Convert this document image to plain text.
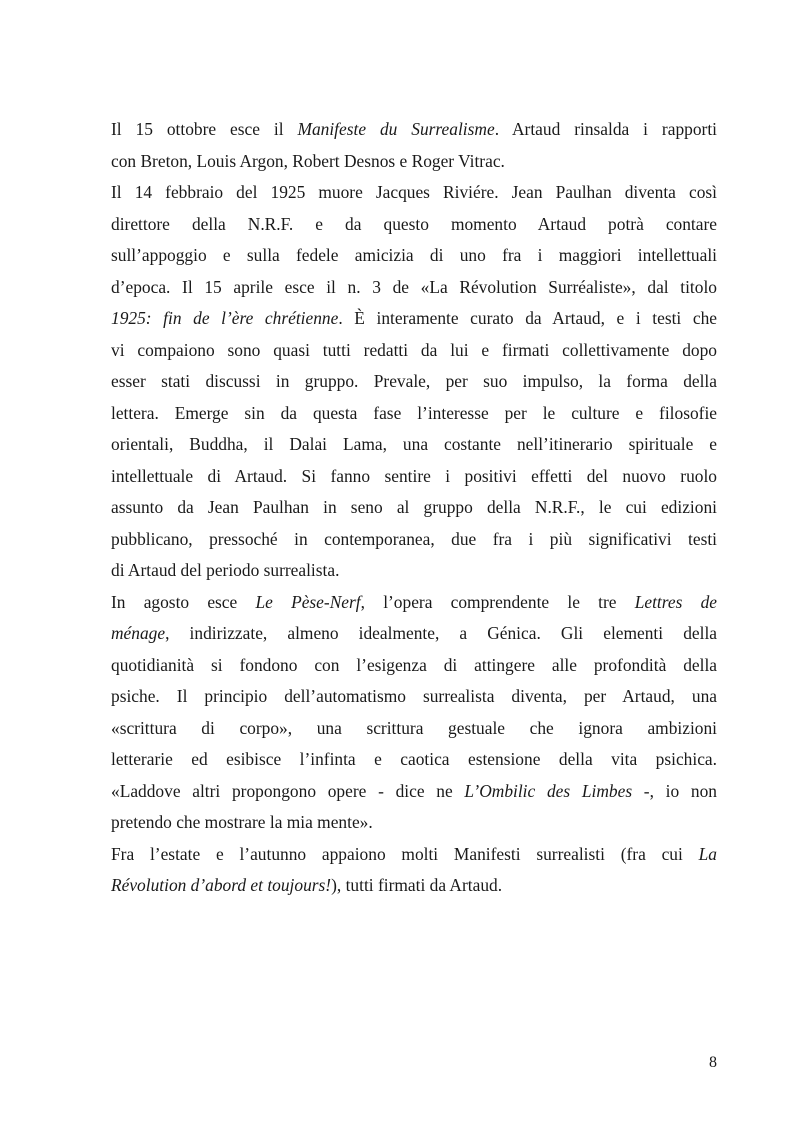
Il 15 ottobre esce il Manifeste du Surrealisme. Artaud rinsalda i rapporti
con Breton, Louis Argon, Robert Desnos e Roger Vitrac.
Il 14 febbraio del 1925 muore Jacques Riviére. Jean Paulhan diventa così
direttore della N.R.F. e da questo momento Artaud potrà contare
sull’appoggio e sulla fedele amicizia di uno fra i maggiori intellettuali
d’epoca. Il 15 aprile esce il n. 3 de «La Révolution Surréaliste», dal titolo
1925: fin de l’ère chrétienne. È interamente curato da Artaud, e i testi che
vi compaiono sono quasi tutti redatti da lui e firmati collettivamente dopo
esser stati discussi in gruppo. Prevale, per suo impulso, la forma della
lettera. Emerge sin da questa fase l’interesse per le culture e filosofie
orientali, Buddha, il Dalai Lama, una costante nell’itinerario spirituale e
intellettuale di Artaud. Si fanno sentire i positivi effetti del nuovo ruolo
assunto da Jean Paulhan in seno al gruppo della N.R.F., le cui edizioni
pubblicano, pressoché in contemporanea, due fra i più significativi testi
di Artaud del periodo surrealista.
In agosto esce Le Pèse-Nerf, l’opera comprendente le tre Lettres de
ménage, indirizzate, almeno idealmente, a Génica. Gli elementi della
quotidianità si fondono con l’esigenza di attingere alle profondità della
psiche. Il principio dell’automatismo surrealista diventa, per Artaud, una
«scrittura di corpo», una scrittura gestuale che ignora ambizioni
letterarie ed esibisce l’infinta e caotica estensione della vita psichica.
«Laddove altri propongono opere - dice ne L’Ombilic des Limbes -, io non
pretendo che mostrare la mia mente».
Fra l’estate e l’autunno appaiono molti Manifesti surrealisti (fra cui La
Révolution d’abord et toujours!), tutti firmati da Artaud.
8
